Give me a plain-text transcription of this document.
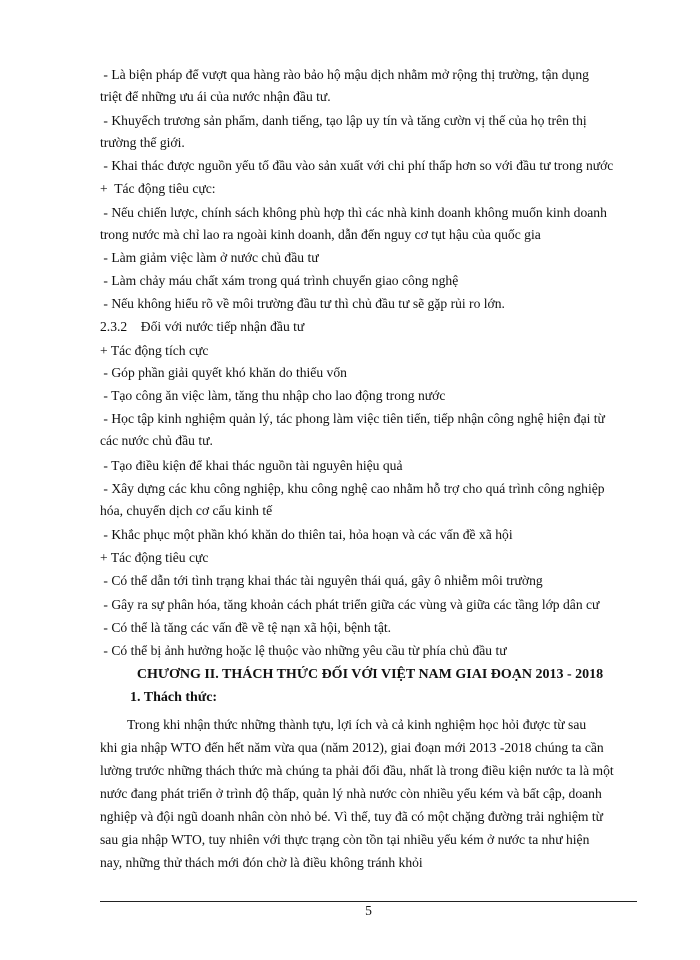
- Là biện pháp để vượt qua hàng rào bảo hộ mậu dịch nhằm mở rộng thị trường, tận dụng
triệt để những ưu ái của nước nhận đầu tư.
- Khuyếch trương sản phẩm, danh tiếng, tạo lập uy tín và tăng cườn vị thế của họ trên thị
trường thế giới.
- Khai thác được nguồn yếu tố đầu vào sản xuất với chi phí thấp hơn so với đầu tư trong nước
+  Tác động tiêu cực:
- Nếu chiến lược, chính sách không phù hợp thì các nhà kinh doanh không muốn kinh doanh
trong nước mà chỉ lao ra ngoài kinh doanh, dẫn đến nguy cơ tụt hậu của quốc gia
- Làm giảm việc làm ở nước chủ đầu tư
- Làm chảy máu chất xám trong quá trình chuyển giao công nghệ
- Nếu không hiểu rõ về môi trường đầu tư thì chủ đầu tư sẽ gặp rủi ro lớn.
2.3.2    Đối với nước tiếp nhận đầu tư
+ Tác động tích cực
- Góp phần giải quyết khó khăn do thiếu vốn
- Tạo công ăn việc làm, tăng thu nhập cho lao động trong nước
- Học tập kinh nghiệm quản lý, tác phong làm việc tiên tiến, tiếp nhận công nghệ hiện đại từ
các nước chủ đầu tư.
- Tạo điều kiện để khai thác nguồn tài nguyên hiệu quả
- Xây dựng các khu công nghiệp, khu công nghệ cao nhằm hỗ trợ cho quá trình công nghiệp
hóa, chuyển dịch cơ cấu kinh tế
- Khắc phục một phần khó khăn do thiên tai, hỏa hoạn và các vấn đề xã hội
+ Tác động tiêu cực
- Có thể dẫn tới tình trạng khai thác tài nguyên thái quá, gây ô nhiễm môi trường
- Gây ra sự phân hóa, tăng khoản cách phát triển giữa các vùng và giữa các tầng lớp dân cư
- Có thể là tăng các vấn đề về tệ nạn xã hội, bệnh tật.
- Có thể bị ảnh hưởng hoặc lệ thuộc vào những yêu cầu từ phía chủ đầu tư
CHƯƠNG II. THÁCH THỨC ĐỐI VỚI VIỆT NAM GIAI ĐOẠN 2013 - 2018
1. Thách thức:
Trong khi nhận thức những thành tựu, lợi ích và cả kinh nghiệm học hỏi được từ sau
khi gia nhập WTO đến hết năm vừa qua (năm 2012), giai đoạn mới 2013 -2018 chúng ta cần
lường trước những thách thức mà chúng ta phải đối đầu, nhất là trong điều kiện nước ta là một
nước đang phát triển ở trình độ thấp, quản lý nhà nước còn nhiều yếu kém và bất cập, doanh
nghiệp và đội ngũ doanh nhân còn nhỏ bé. Vì thế, tuy đã có một chặng đường trải nghiệm từ
sau gia nhập WTO, tuy nhiên với thực trạng còn tồn tại nhiều yếu kém ở nước ta như hiện
nay, những thử thách mới đón chờ là điều không tránh khỏi
5
